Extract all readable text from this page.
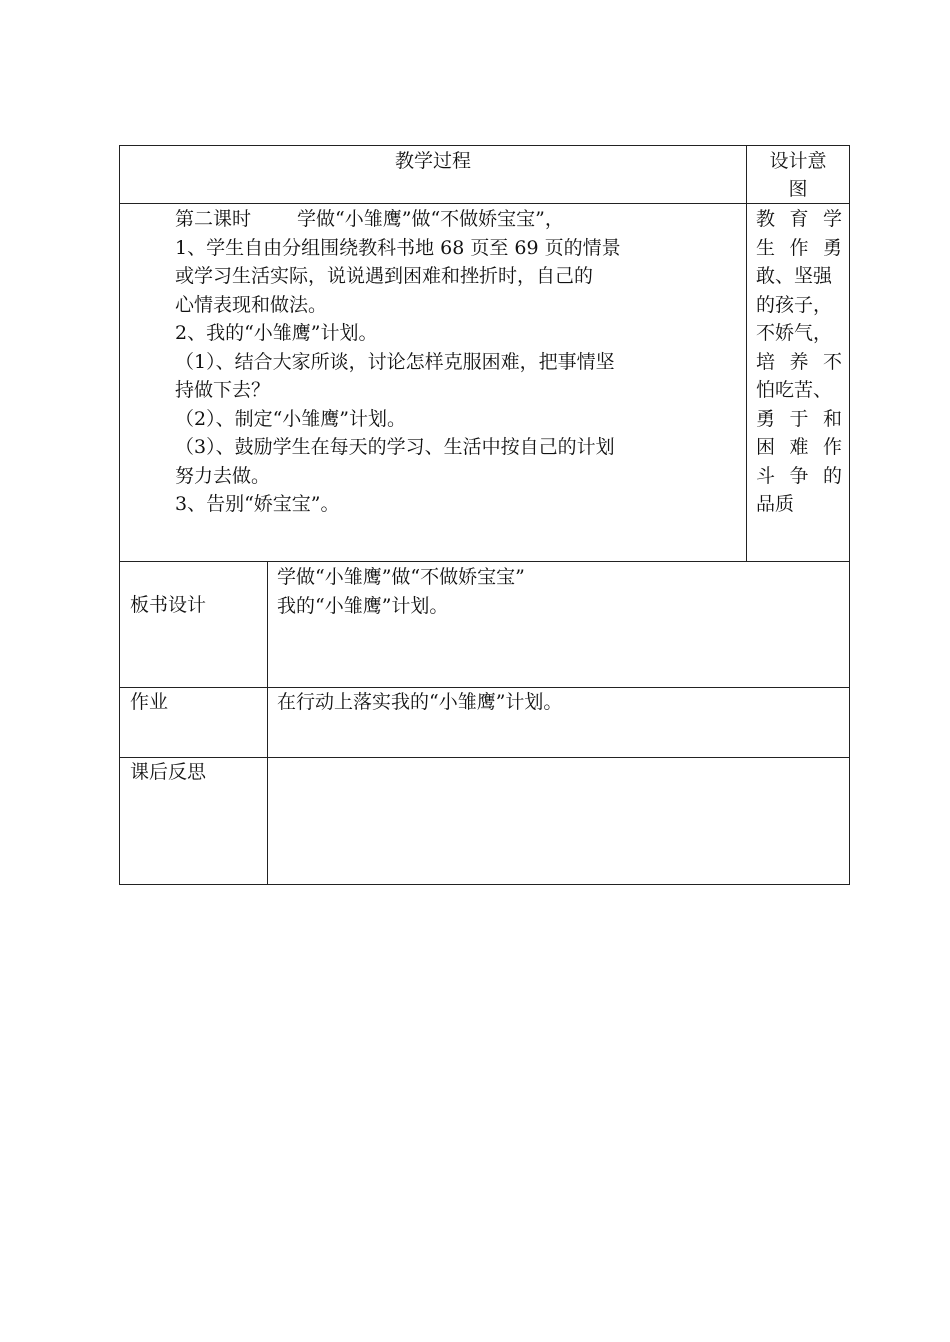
教学过程	设计意
图
第二课时 学做“小雏鹰”做“不做娇宝宝”，
1、学生自由分组围绕教科书地 68 页至 69 页的情景
或学习生活实际，说说遇到困难和挫折时，自己的
心情表现和做法。
2、我的“小雏鹰”计划。
（1）、结合大家所谈，讨论怎样克服困难，把事情坚
持做下去？
（2）、制定“小雏鹰”计划。
（3）、鼓励学生在每天的学习、生活中按自己的计划
努力去做。
3、告别“娇宝宝”。
教育学
生作勇
敢、坚强
的孩子，
不娇气，
培养不
怕吃苦、
勇于和
困难作
斗争的
品质
板书设计
学做“小雏鹰”做“不做娇宝宝”
我的“小雏鹰”计划。
作业	在行动上落实我的“小雏鹰”计划。
课后反思
